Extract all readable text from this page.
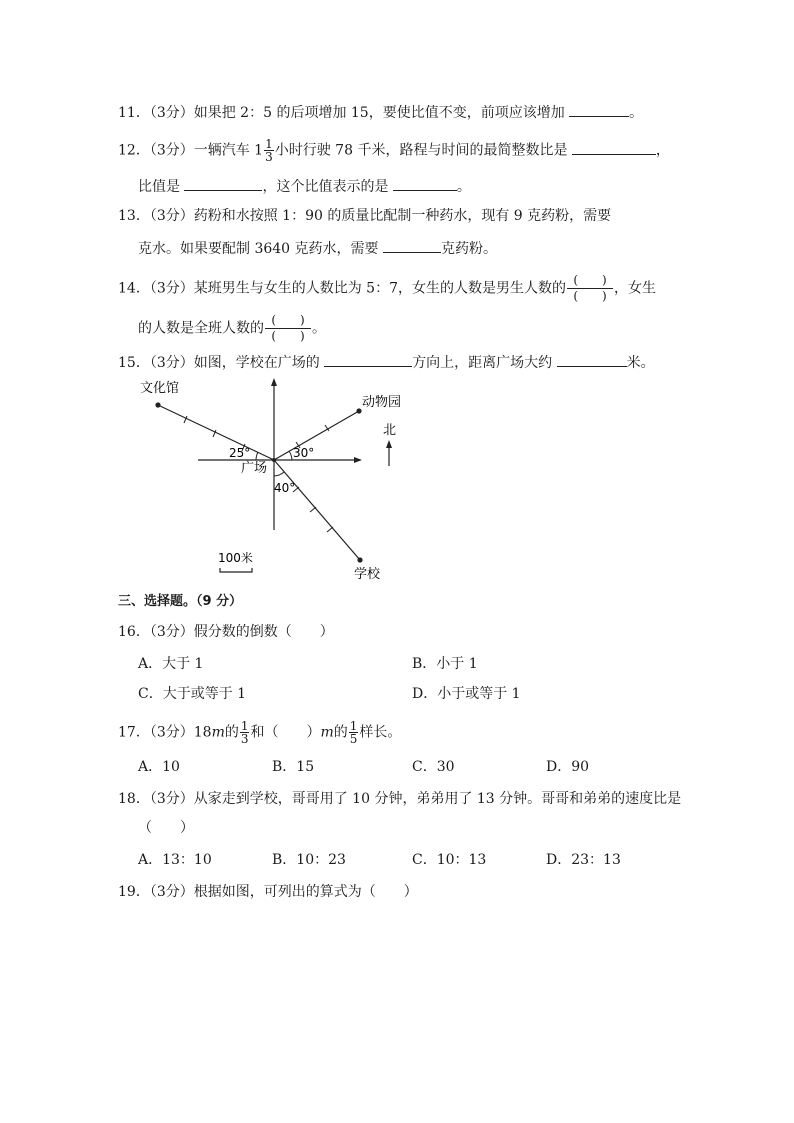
11．（3分）如果把 2：5 的后项增加 15，要使比值不变，前项应该增加	。
12．（3分）一辆汽车 $1 \frac{1}{3}$ 小时行驶 78 千米，路程与时间的最简整数比是	，
比值是	，这个比值表示的是	。
13．（3分）药粉和水按照 1：90 的质量比配制一种药水，现有 9 克药粉，需要
克水。如果要配制 3640 克药水，需要	克药粉。
14．（3分）某班男生与女生的人数比为 5：7，女生的人数是男生人数的 $\frac{( )}{( )}$ ，女生
的人数是全班人数的 $\frac{( )}{( )}$ 。
15．（3分）如图，学校在广场的	方向上，距离广场大约	米。
文化馆
动物园
广场
学校
25°	30°
40°
北
100米
三、选择题。（9 分）
16．（3分）假分数的倒数（　　）
A．大于 1	B．小于 1
C．大于或等于 1	D．小于或等于 1
17．（3分）18m的 $\frac{1}{3}$ 和（　　）m的 $\frac{1}{5}$ 样长。
A．10	B．15	C．30	D．90
18．（3分）从家走到学校，哥哥用了 10 分钟，弟弟用了 13 分钟。哥哥和弟弟的速度比是
（　　）
A．13：10	B．10：23	C．10：13	D．23：13
19．（3分）根据如图，可列出的算式为（　　）
